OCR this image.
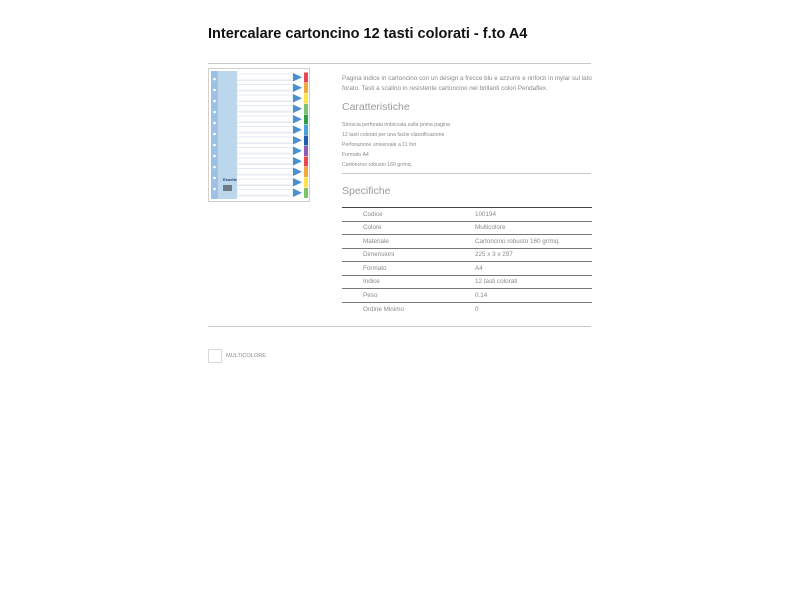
Intercalare cartoncino 12 tasti colorati - f.to A4
Esselte
Pagina indice in cartoncino con un design a frecce blu e azzurre e rinforzi in mylar sul lato forato. Tasti a scalino in resistente cartoncino nei brillanti colori Pendaflex.
Caratteristiche
Stroscia perforata imbiccata sulla prima pagina
12 tasti colorati per una facile classificazione
Perforazione universale a 11 fori
Formato A4
Cartoncino robusto 160 gr/mq.
Specifiche
Codice	100194
Colore	Multicolore
Materiale	Cartoncino robusto 160 gr/mq.
Dimensioni	225 x 3 x 297
Formato	A4
Indice	12 tasti colorati
Peso	0.14
Ordine Minimo	0
MULTICOLORE
